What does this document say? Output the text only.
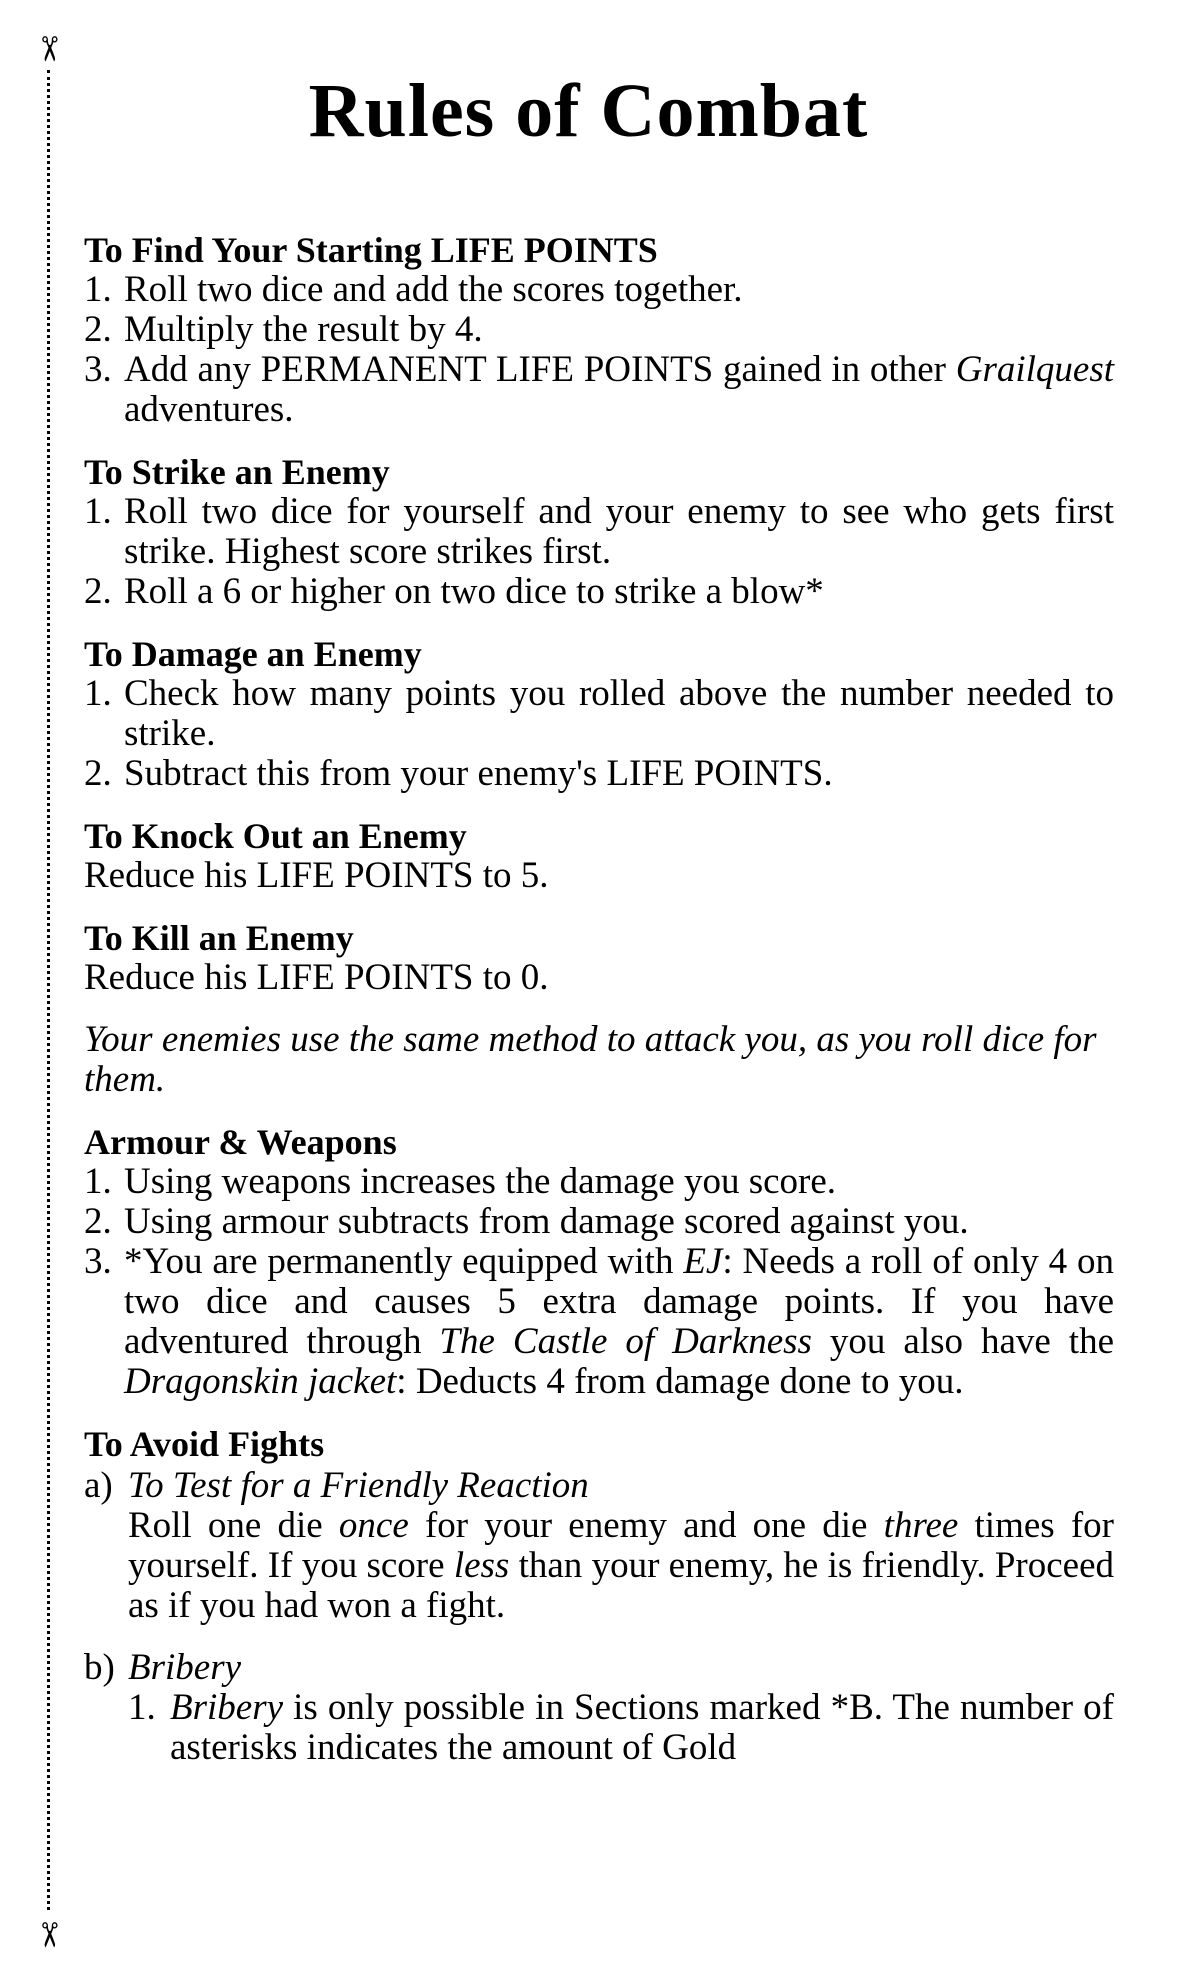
✂
✂
Rules of Combat
To Find Your Starting LIFE POINTS
1. Roll two dice and add the scores together.
2. Multiply the result by 4.
3. Add any PERMANENT LIFE POINTS gained in other Grailquest adventures.
To Strike an Enemy
1. Roll two dice for yourself and your enemy to see who gets first strike. Highest score strikes first.
2. Roll a 6 or higher on two dice to strike a blow*
To Damage an Enemy
1. Check how many points you rolled above the number needed to strike.
2. Subtract this from your enemy's LIFE POINTS.
To Knock Out an Enemy
Reduce his LIFE POINTS to 5.
To Kill an Enemy
Reduce his LIFE POINTS to 0.
Your enemies use the same method to attack you, as you roll dice for them.
Armour & Weapons
1. Using weapons increases the damage you score.
2. Using armour subtracts from damage scored against you.
3. *You are permanently equipped with EJ: Needs a roll of only 4 on two dice and causes 5 extra damage points. If you have adventured through The Castle of Darkness you also have the Dragonskin jacket: Deducts 4 from damage done to you.
To Avoid Fights
a) To Test for a Friendly Reaction
Roll one die once for your enemy and one die three times for yourself. If you score less than your enemy, he is friendly. Proceed as if you had won a fight.
b) Bribery
1. Bribery is only possible in Sections marked *B. The number of asterisks indicates the amount of Gold
